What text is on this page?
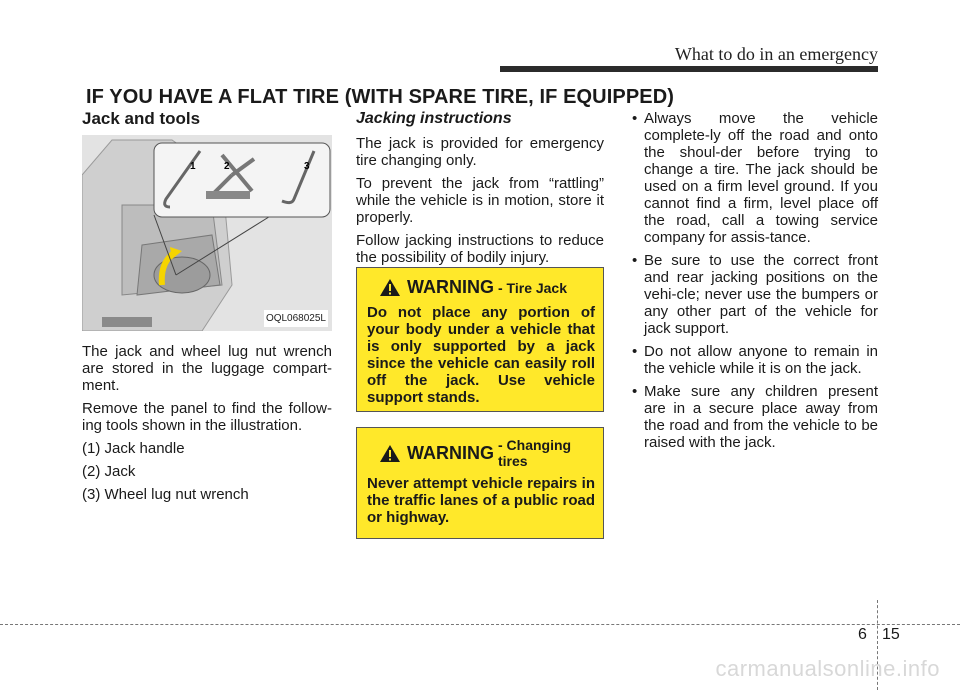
What to do in an emergency
IF YOU HAVE A FLAT TIRE (WITH SPARE TIRE, IF EQUIPPED)
Jack and tools
1	2	3
OQL068025L

The jack and wheel lug nut wrench are stored in the luggage compart-ment.

Remove the panel to find the follow-ing tools shown in the illustration.

(1) Jack handle

(2) Jack

(3) Wheel lug nut wrench

Jacking instructions

The jack is provided for emergency tire changing only.

To prevent the jack from “rattling” while the vehicle is in motion, store it properly.

Follow jacking instructions to reduce the possibility of bodily injury.

WARNING - Tire Jack
Do not place any portion of your body under a vehicle that is only supported by a jack since the vehicle can easily roll off the jack. Use vehicle support stands.
WARNING - Changing tires
Never attempt vehicle repairs in the traffic lanes of a public road or highway.
• Always move the vehicle complete-ly off the road and onto the shoul-der before trying to change a tire. The jack should be used on a firm level ground. If you cannot find a firm, level place off the road, call a towing service company for assis-tance.
• Be sure to use the correct front and rear jacking positions on the vehi-cle; never use the bumpers or any other part of the vehicle for jack support.
• Do not allow anyone to remain in the vehicle while it is on the jack.
• Make sure any children present are in a secure place away from the road and from the vehicle to be raised with the jack.
6 15
carmanualsonline.info
